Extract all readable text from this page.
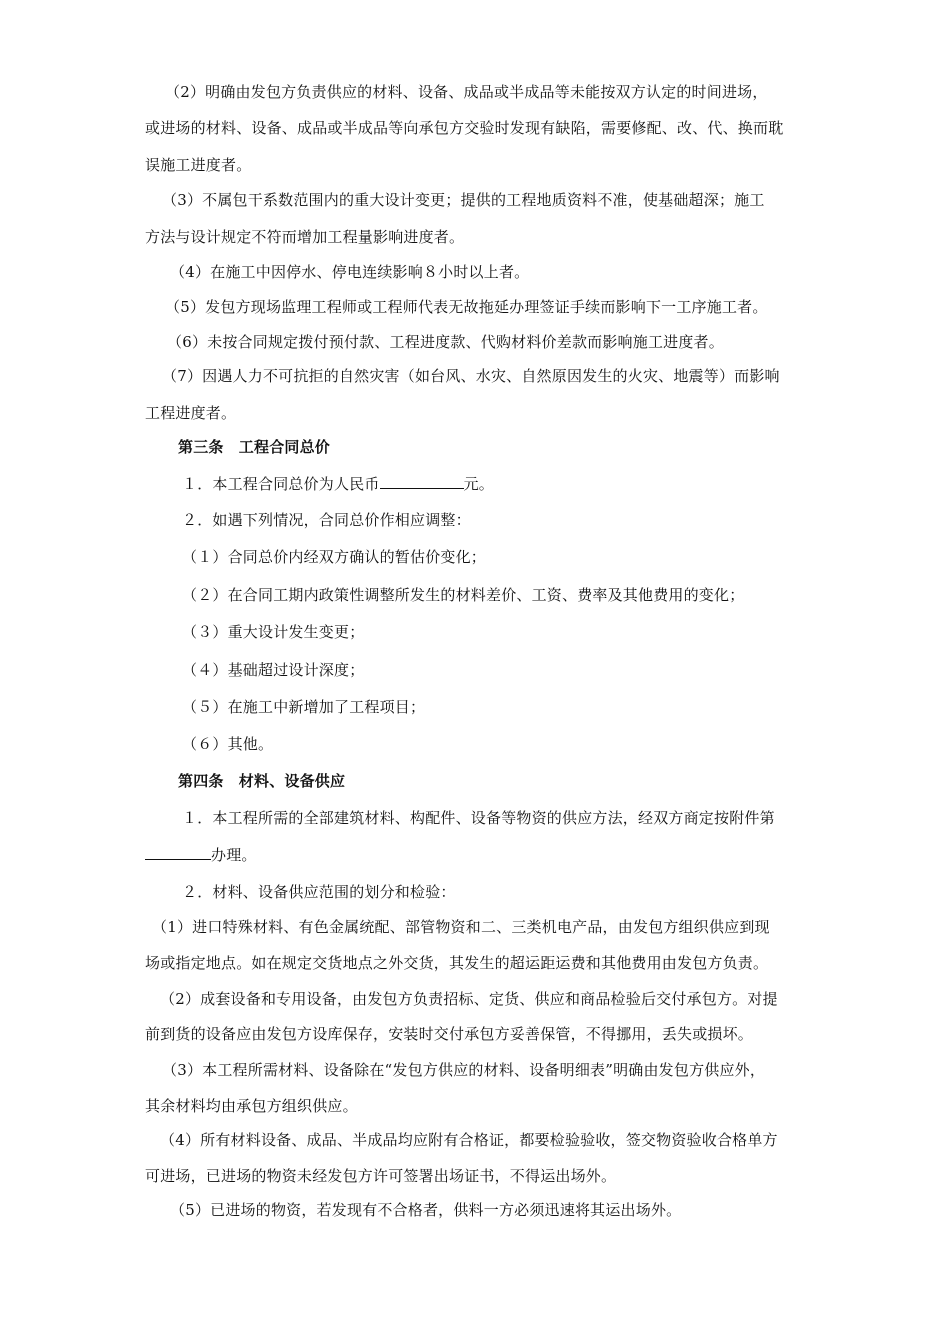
（2）明确由发包方负责供应的材料、设备、成品或半成品等未能按双方认定的时间进场，
或进场的材料、设备、成品或半成品等向承包方交验时发现有缺陷，需要修配、改、代、换而耽
误施工进度者。
（3）不属包干系数范围内的重大设计变更；提供的工程地质资料不准，使基础超深；施工
方法与设计规定不符而增加工程量影响进度者。
（4）在施工中因停水、停电连续影响８小时以上者。
（5）发包方现场监理工程师或工程师代表无故拖延办理签证手续而影响下一工序施工者。
（6）未按合同规定拨付预付款、工程进度款、代购材料价差款而影响施工进度者。
（7）因遇人力不可抗拒的自然灾害（如台风、水灾、自然原因发生的火灾、地震等）而影响
工程进度者。
第三条　工程合同总价
１．本工程合同总价为人民币	元。
２．如遇下列情况，合同总价作相应调整：
（１）合同总价内经双方确认的暂估价变化；
（２）在合同工期内政策性调整所发生的材料差价、工资、费率及其他费用的变化；
（３）重大设计发生变更；
（４）基础超过设计深度；
（５）在施工中新增加了工程项目；
（６）其他。
第四条　材料、设备供应
１．本工程所需的全部建筑材料、构配件、设备等物资的供应方法，经双方商定按附件第
办理。
２．材料、设备供应范围的划分和检验：
（1）进口特殊材料、有色金属统配、部管物资和二、三类机电产品，由发包方组织供应到现
场或指定地点。如在规定交货地点之外交货，其发生的超运距运费和其他费用由发包方负责。
（2）成套设备和专用设备，由发包方负责招标、定货、供应和商品检验后交付承包方。对提
前到货的设备应由发包方设库保存，安装时交付承包方妥善保管，不得挪用，丢失或损坏。
（3）本工程所需材料、设备除在“发包方供应的材料、设备明细表”明确由发包方供应外，
其余材料均由承包方组织供应。
（4）所有材料设备、成品、半成品均应附有合格证，都要检验验收，签交物资验收合格单方
可进场，已进场的物资未经发包方许可签署出场证书，不得运出场外。
（5）已进场的物资，若发现有不合格者，供料一方必须迅速将其运出场外。
